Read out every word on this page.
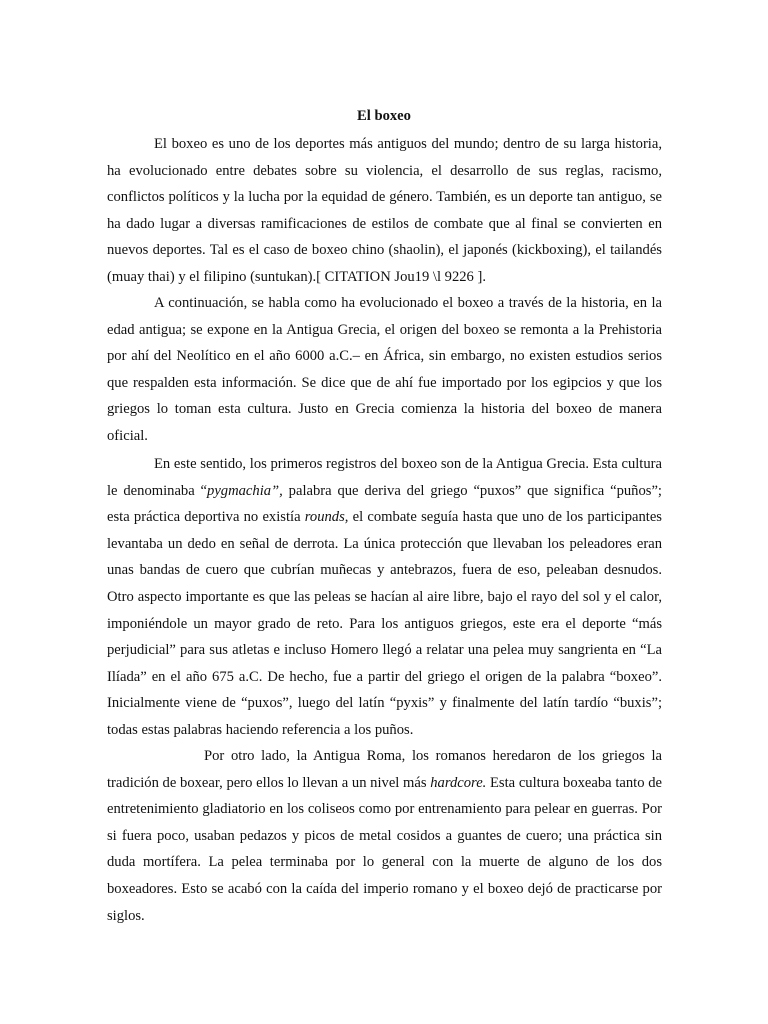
El boxeo

El boxeo es uno de los deportes más antiguos del mundo; dentro de su larga historia, ha evolucionado entre debates sobre su violencia, el desarrollo de sus reglas, racismo, conflictos políticos y la lucha por la equidad de género. También, es un deporte tan antiguo, se ha dado lugar a diversas ramificaciones de estilos de combate que al final se convierten en nuevos deportes. Tal es el caso de boxeo chino (shaolin), el japonés (kickboxing), el tailandés (muay thai) y el filipino (suntukan).[ CITATION Jou19 \l 9226 ].

A continuación, se habla como ha evolucionado el boxeo a través de la historia, en la edad antigua; se expone en la Antigua Grecia, el origen del boxeo se remonta a la Prehistoria por ahí del Neolítico en el año 6000 a.C.– en África, sin embargo, no existen estudios serios que respalden esta información. Se dice que de ahí fue importado por los egipcios y que los griegos lo toman esta cultura. Justo en Grecia comienza la historia del boxeo de manera oficial.

En este sentido, los primeros registros del boxeo son de la Antigua Grecia. Esta cultura le denominaba “pygmachia”, palabra que deriva del griego “puxos” que significa “puños”; esta práctica deportiva no existía rounds, el combate seguía hasta que uno de los participantes levantaba un dedo en señal de derrota. La única protección que llevaban los peleadores eran unas bandas de cuero que cubrían muñecas y antebrazos, fuera de eso, peleaban desnudos. Otro aspecto importante es que las peleas se hacían al aire libre, bajo el rayo del sol y el calor, imponiéndole un mayor grado de reto. Para los antiguos griegos, este era el deporte “más perjudicial” para sus atletas e incluso Homero llegó a relatar una pelea muy sangrienta en “La Ilíada” en el año 675 a.C. De hecho, fue a partir del griego el origen de la palabra “boxeo”. Inicialmente viene de “puxos”, luego del latín “pyxis” y finalmente del latín tardío “buxis”; todas estas palabras haciendo referencia a los puños.

Por otro lado, la Antigua Roma, los romanos heredaron de los griegos la tradición de boxear, pero ellos lo llevan a un nivel más hardcore. Esta cultura boxeaba tanto de entretenimiento gladiatorio en los coliseos como por entrenamiento para pelear en guerras. Por si fuera poco, usaban pedazos y picos de metal cosidos a guantes de cuero; una práctica sin duda mortífera. La pelea terminaba por lo general con la muerte de alguno de los dos boxeadores. Esto se acabó con la caída del imperio romano y el boxeo dejó de practicarse por siglos.
